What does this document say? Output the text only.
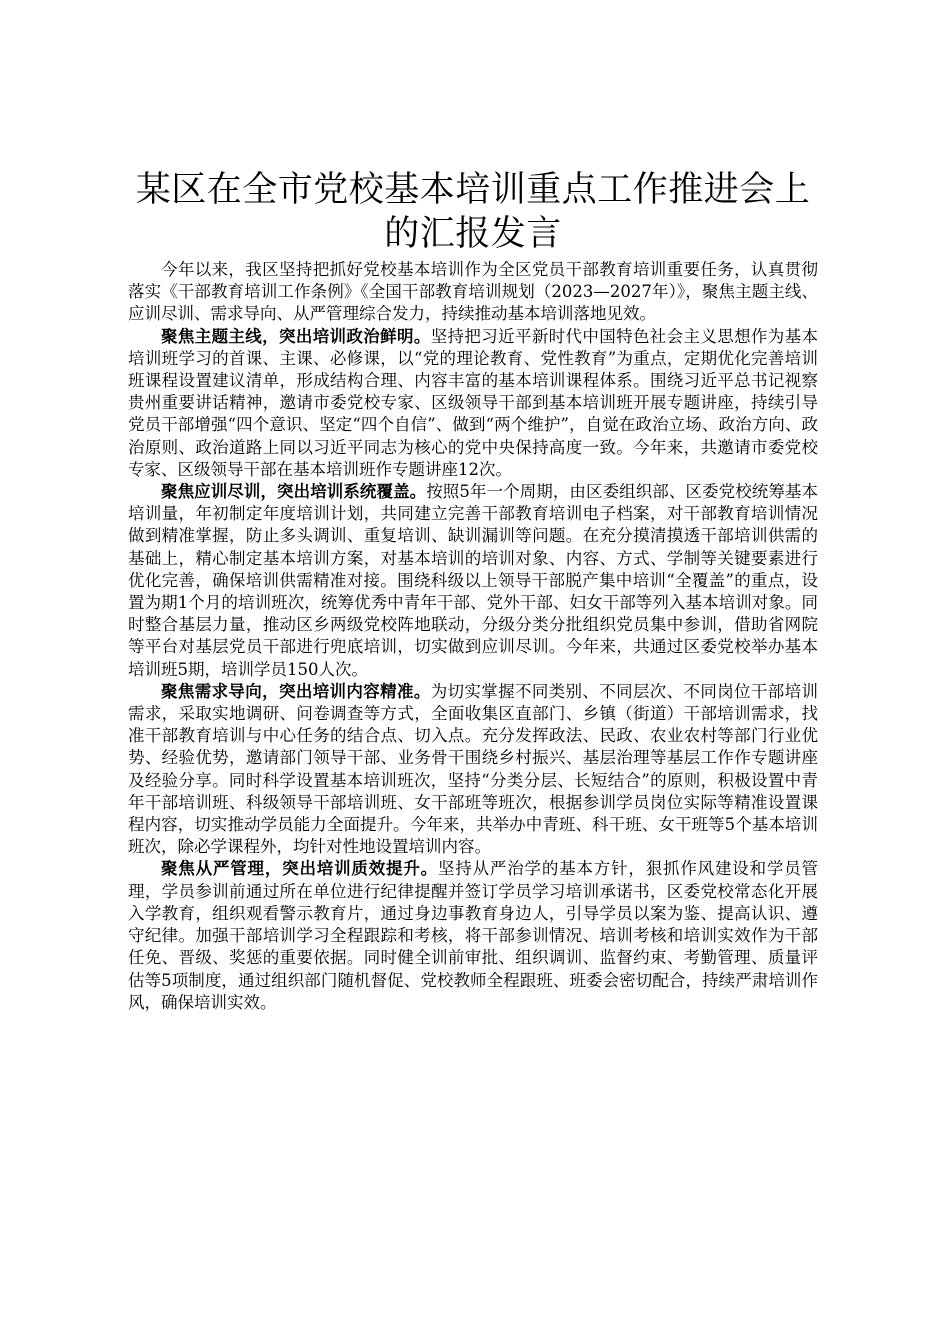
某区在全市党校基本培训重点工作推进会上的汇报发言

今年以来，我区坚持把抓好党校基本培训作为全区党员干部教育培训重要任务，认真贯彻落实《干部教育培训工作条例》《全国干部教育培训规划（2023—2027年）》，聚焦主题主线、应训尽训、需求导向、从严管理综合发力，持续推动基本培训落地见效。

聚焦主题主线，突出培训政治鲜明。坚持把习近平新时代中国特色社会主义思想作为基本培训班学习的首课、主课、必修课，以“党的理论教育、党性教育”为重点，定期优化完善培训班课程设置建议清单，形成结构合理、内容丰富的基本培训课程体系。围绕习近平总书记视察贵州重要讲话精神，邀请市委党校专家、区级领导干部到基本培训班开展专题讲座，持续引导党员干部增强“四个意识、坚定“四个自信”、做到“两个维护”，自觉在政治立场、政治方向、政治原则、政治道路上同以习近平同志为核心的党中央保持高度一致。今年来，共邀请市委党校专家、区级领导干部在基本培训班作专题讲座12次。

聚焦应训尽训，突出培训系统覆盖。按照5年一个周期，由区委组织部、区委党校统筹基本培训量，年初制定年度培训计划，共同建立完善干部教育培训电子档案，对干部教育培训情况做到精准掌握，防止多头调训、重复培训、缺训漏训等问题。在充分摸清摸透干部培训供需的基础上，精心制定基本培训方案，对基本培训的培训对象、内容、方式、学制等关键要素进行优化完善，确保培训供需精准对接。围绕科级以上领导干部脱产集中培训“全覆盖”的重点，设置为期1个月的培训班次，统筹优秀中青年干部、党外干部、妇女干部等列入基本培训对象。同时整合基层力量，推动区乡两级党校阵地联动，分级分类分批组织党员集中参训，借助省网院等平台对基层党员干部进行兜底培训，切实做到应训尽训。今年来，共通过区委党校举办基本培训班5期，培训学员150人次。

聚焦需求导向，突出培训内容精准。为切实掌握不同类别、不同层次、不同岗位干部培训需求，采取实地调研、问卷调查等方式，全面收集区直部门、乡镇（街道）干部培训需求，找准干部教育培训与中心任务的结合点、切入点。充分发挥政法、民政、农业农村等部门行业优势、经验优势，邀请部门领导干部、业务骨干围绕乡村振兴、基层治理等基层工作作专题讲座及经验分享。同时科学设置基本培训班次，坚持“分类分层、长短结合”的原则，积极设置中青年干部培训班、科级领导干部培训班、女干部班等班次，根据参训学员岗位实际等精准设置课程内容，切实推动学员能力全面提升。今年来，共举办中青班、科干班、女干班等5个基本培训班次，除必学课程外，均针对性地设置培训内容。

聚焦从严管理，突出培训质效提升。坚持从严治学的基本方针，狠抓作风建设和学员管理，学员参训前通过所在单位进行纪律提醒并签订学员学习培训承诺书，区委党校常态化开展入学教育，组织观看警示教育片，通过身边事教育身边人，引导学员以案为鉴、提高认识、遵守纪律。加强干部培训学习全程跟踪和考核，将干部参训情况、培训考核和培训实效作为干部任免、晋级、奖惩的重要依据。同时健全训前审批、组织调训、监督约束、考勤管理、质量评估等5项制度，通过组织部门随机督促、党校教师全程跟班、班委会密切配合，持续严肃培训作风，确保培训实效。
